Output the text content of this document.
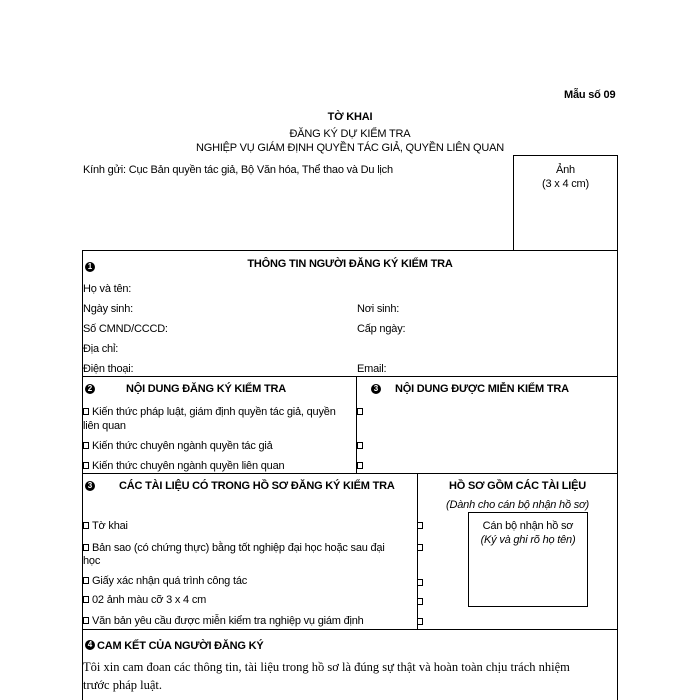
Mẫu số 09
TỜ KHAI
ĐĂNG KÝ DỰ KIỂM TRA
NGHIỆP VỤ GIÁM ĐỊNH QUYỀN TÁC GIẢ, QUYỀN LIÊN QUAN
Kính gửi: Cục Bản quyền tác giả, Bộ Văn hóa, Thể thao và Du lịch	Ảnh
(3 x 4 cm)
1	THÔNG TIN NGƯỜI ĐĂNG KÝ KIỂM TRA
Họ và tên:
Ngày sinh:	Nơi sinh:
Số CMND/CCCD:	Cấp ngày:
Địa chỉ:
Điện thoại:	Email:
2	NỘI DUNG ĐĂNG KÝ KIỂM TRA
Kiến thức pháp luật, giám định quyền tác giả, quyền
liên quan
Kiến thức chuyên ngành quyền tác giả
Kiến thức chuyên ngành quyền liên quan
3 NỘI DUNG ĐƯỢC MIỄN KIỂM TRA
3 CÁC TÀI LIỆU CÓ TRONG HỒ SƠ ĐĂNG KÝ KIỂM TRA
Tờ khai
Bản sao (có chứng thực) bằng tốt nghiệp đại học hoặc sau đại
học
Giấy xác nhận quá trình công tác
02 ảnh màu cỡ 3 x 4 cm
Văn bản yêu cầu được miễn kiểm tra nghiệp vụ giám định
HỒ SƠ GỒM CÁC TÀI LIỆU
(Dành cho cán bộ nhận hồ sơ)
Cán bộ nhận hồ sơ
(Ký và ghi rõ họ tên)
4 CAM KẾT CỦA NGƯỜI ĐĂNG KÝ
Tôi xin cam đoan các thông tin, tài liệu trong hồ sơ là đúng sự thật và hoàn toàn chịu trách nhiệm
trước pháp luật.
